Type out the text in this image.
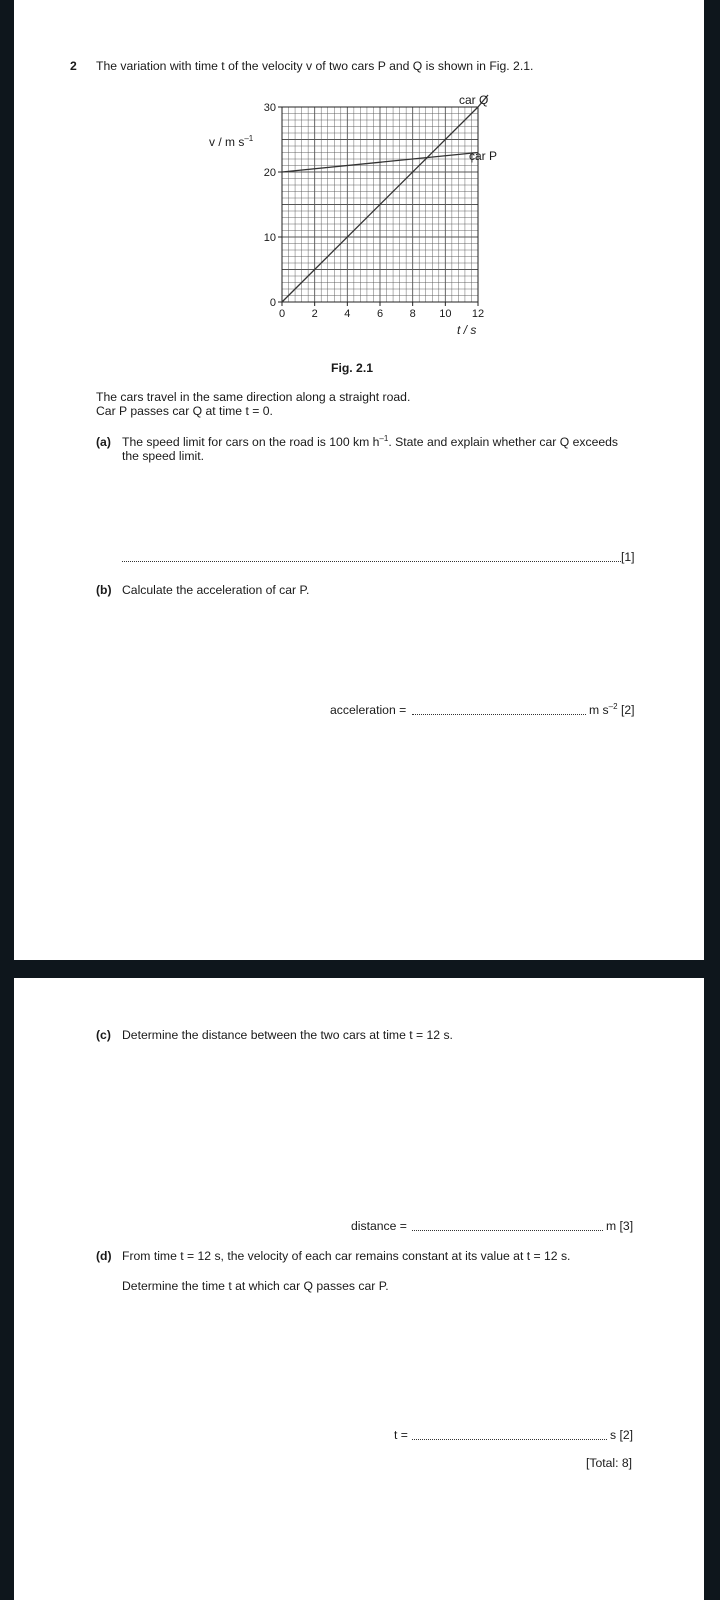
2 The variation with time t of the velocity v of two cars P and Q is shown in Fig. 2.1.
0 2 4 6 8 10 12
0
10
20
30
v / m $s^{-1}$
t / s
car Q
car P
Fig. 2.1
The cars travel in the same direction along a straight road.
Car P passes car Q at time t = 0.
(a) The speed limit for cars on the road is 100 km $h^{-1}$. State and explain whether car Q exceeds
the speed limit.
[1]
(b) Calculate the acceleration of car P.
acceleration =	m $s^{-2}$ [2]
(c) Determine the distance between the two cars at time t = 12 s.
distance =	m [3]
(d) From time t = 12 s, the velocity of each car remains constant at its value at t = 12 s.
Determine the time t at which car Q passes car P.
t =	s [2]
[Total: 8]
